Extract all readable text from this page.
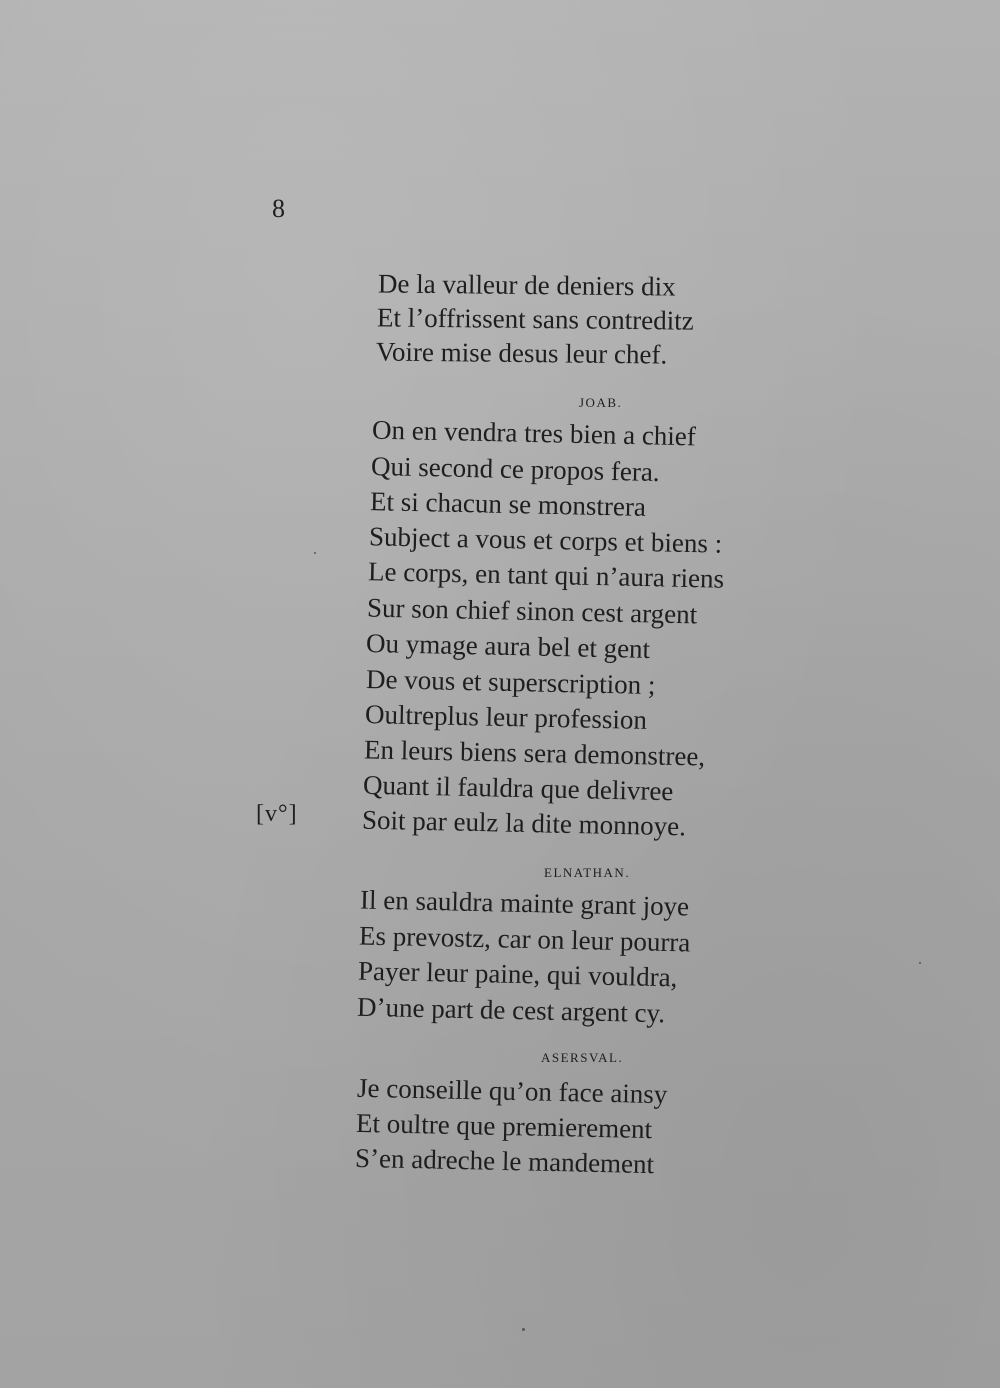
8
[v°]
De la valleur de deniers dix
Et l’offrissent sans contreditz
Voire mise desus leur chef.
JOAB.
On en vendra tres bien a chief
Qui second ce propos fera.
Et si chacun se monstrera
Subject a vous et corps et biens :
Le corps, en tant qui n’aura riens
Sur son chief sinon cest argent
Ou ymage aura bel et gent
De vous et superscription ;
Oultreplus leur profession
En leurs biens sera demonstree,
Quant il fauldra que delivree
Soit par eulz la dite monnoye.
ELNATHAN.
Il en sauldra mainte grant joye
Es prevostz, car on leur pourra
Payer leur paine, qui vouldra,
D’une part de cest argent cy.
ASERSVAL.
Je conseille qu’on face ainsy
Et oultre que premierement
S’en adreche le mandement
